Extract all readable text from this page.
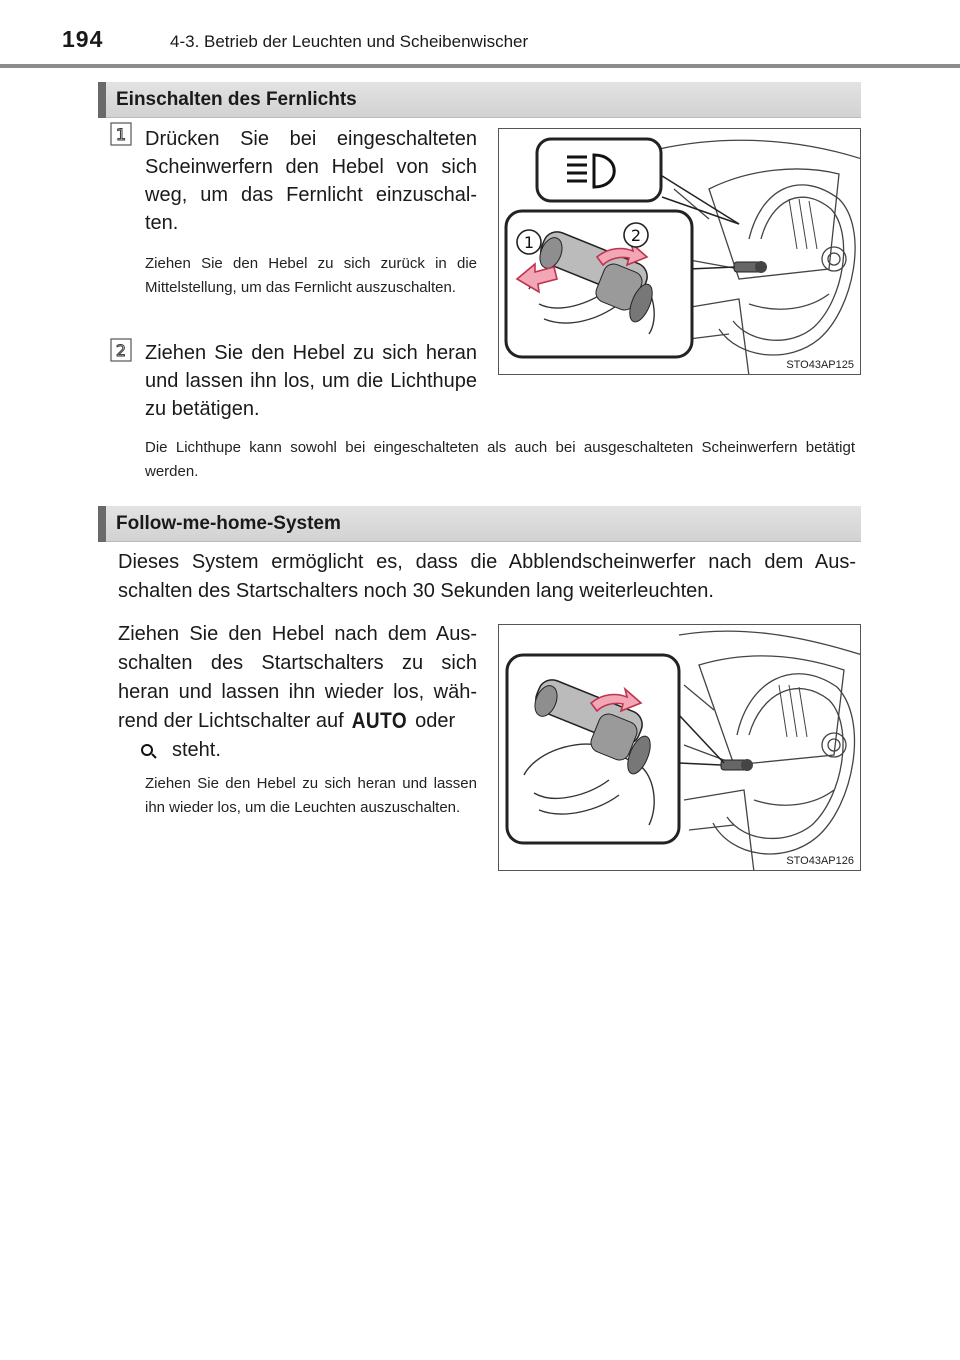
194	4-3. Betrieb der Leuchten und Scheibenwischer
Einschalten des Fernlichts
1 Drücken Sie bei eingeschalteten Scheinwerfern den Hebel von sich weg, um das Fernlicht einzuschal-ten.
Ziehen Sie den Hebel zu sich zurück in die Mittelstellung, um das Fernlicht auszuschalten.
2 Ziehen Sie den Hebel zu sich heran und lassen ihn los, um die Lichthupe zu betätigen.
Die Lichthupe kann sowohl bei eingeschalteten als auch bei ausgeschalteten Scheinwerfern betätigt werden.
1	2
STO43AP125
Follow-me-home-System
Dieses System ermöglicht es, dass die Abblendscheinwerfer nach dem Aus-schalten des Startschalters noch 30 Sekunden lang weiterleuchten.
Ziehen Sie den Hebel nach dem Aus-schalten des Startschalters zu sich heran und lassen ihn wieder los, wäh-rend der Lichtschalter auf AUTO oder
steht.
Ziehen Sie den Hebel zu sich heran und lassen ihn wieder los, um die Leuchten auszuschalten.
STO43AP126
